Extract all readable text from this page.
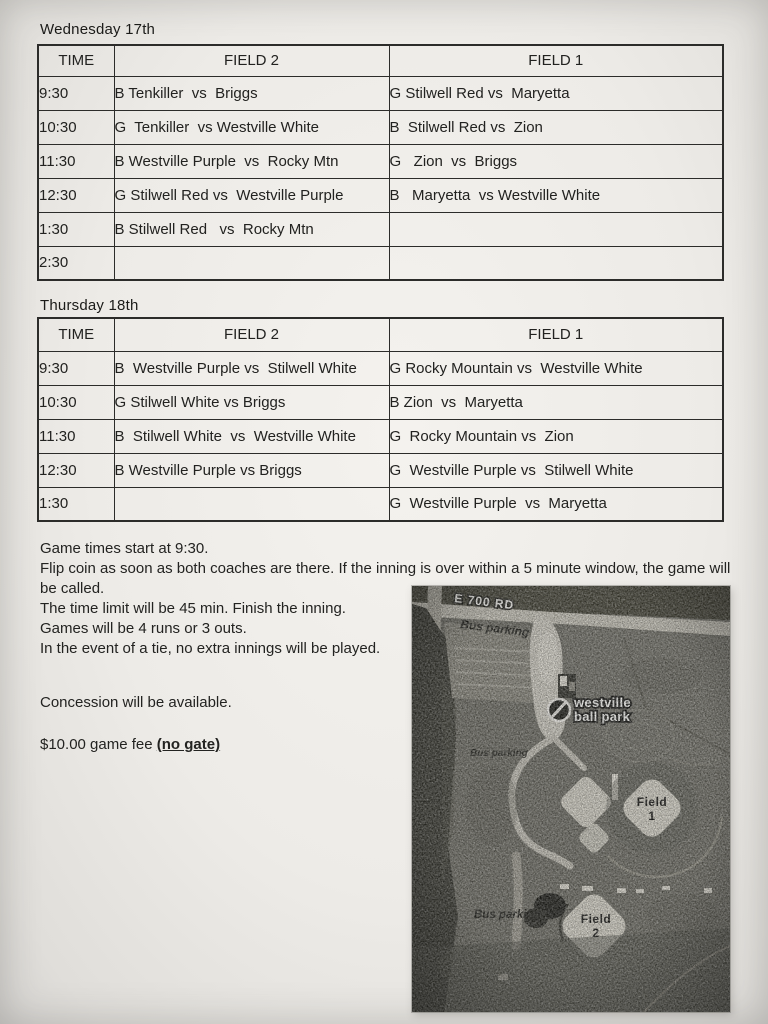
Wednesday 17th
TIME	FIELD 2	FIELD 1
9:30	B Tenkiller  vs  Briggs	G Stilwell Red vs  Maryetta
10:30	G  Tenkiller  vs Westville White	B  Stilwell Red vs  Zion
11:30	B Westville Purple  vs  Rocky Mtn	G   Zion  vs  Briggs
12:30	G Stilwell Red vs  Westville Purple	B   Maryetta  vs Westville White
1:30	B Stilwell Red   vs  Rocky Mtn	
2:30		
Thursday 18th
TIME	FIELD 2	FIELD 1
9:30	B  Westville Purple vs  Stilwell White	G Rocky Mountain vs  Westville White
10:30	G Stilwell White vs Briggs	B Zion  vs  Maryetta
11:30	B  Stilwell White  vs  Westville White	G  Rocky Mountain vs  Zion
12:30	B Westville Purple vs Briggs	G  Westville Purple vs  Stilwell White
1:30		G  Westville Purple  vs  Maryetta
Game times start at 9:30.
Flip coin as soon as both coaches are there. If the inning is over within a 5 minute window, the game will
be called.
The time limit will be 45 min. Finish the inning.
Games will be 4 runs or 3 outs.
In the event of a tie, no extra innings will be played.
Concession will be available.
$10.00 game fee (no gate)
